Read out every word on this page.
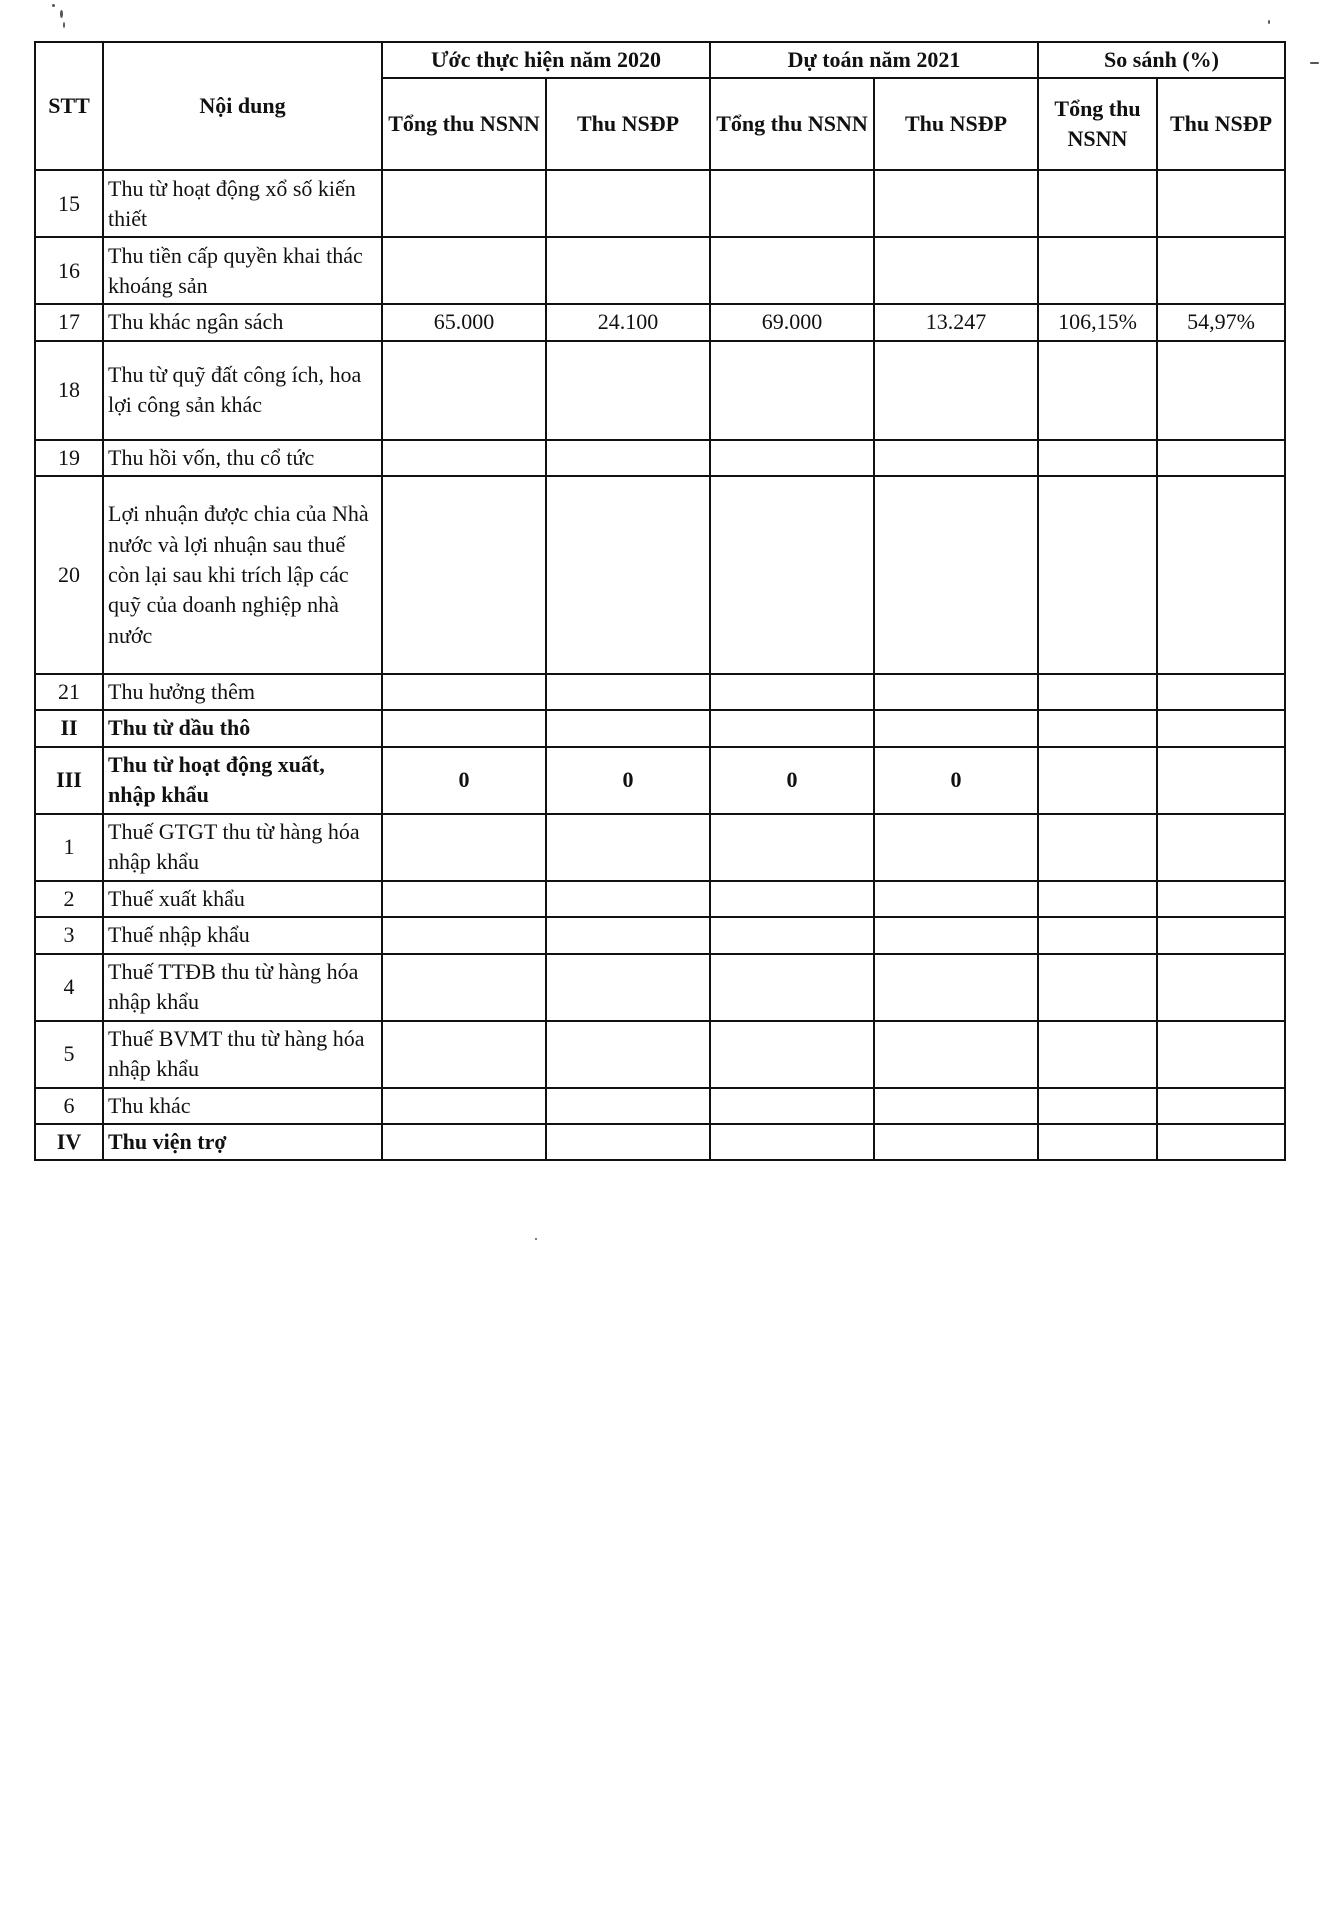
STT	Nội dung	Ước thực hiện năm 2020		Dự toán năm 2021		So sánh (%)	
		Tổng thu NSNN	Thu NSĐP	Tổng thu NSNN	Thu NSĐP	Tổng thu NSNN	Thu NSĐP
15	Thu từ hoạt động xổ số kiến thiết						
16	Thu tiền cấp quyền khai thác khoáng sản						
17	Thu khác ngân sách	65.000	24.100	69.000	13.247	106,15%	54,97%
18	Thu từ quỹ đất công ích, hoa lợi công sản khác						
19	Thu hồi vốn, thu cổ tức						
20	Lợi nhuận được chia của Nhà nước và lợi nhuận sau thuế còn lại sau khi trích lập các quỹ của doanh nghiệp nhà nước						
21	Thu hưởng thêm						
II	Thu từ dầu thô						
III	Thu từ hoạt động xuất, nhập khẩu	0	0	0	0		
1	Thuế GTGT thu từ hàng hóa nhập khẩu						
2	Thuế xuất khẩu						
3	Thuế nhập khẩu						
4	Thuế TTĐB thu từ hàng hóa nhập khẩu						
5	Thuế BVMT thu từ hàng hóa nhập khẩu						
6	Thu khác						
IV	Thu viện trợ						
